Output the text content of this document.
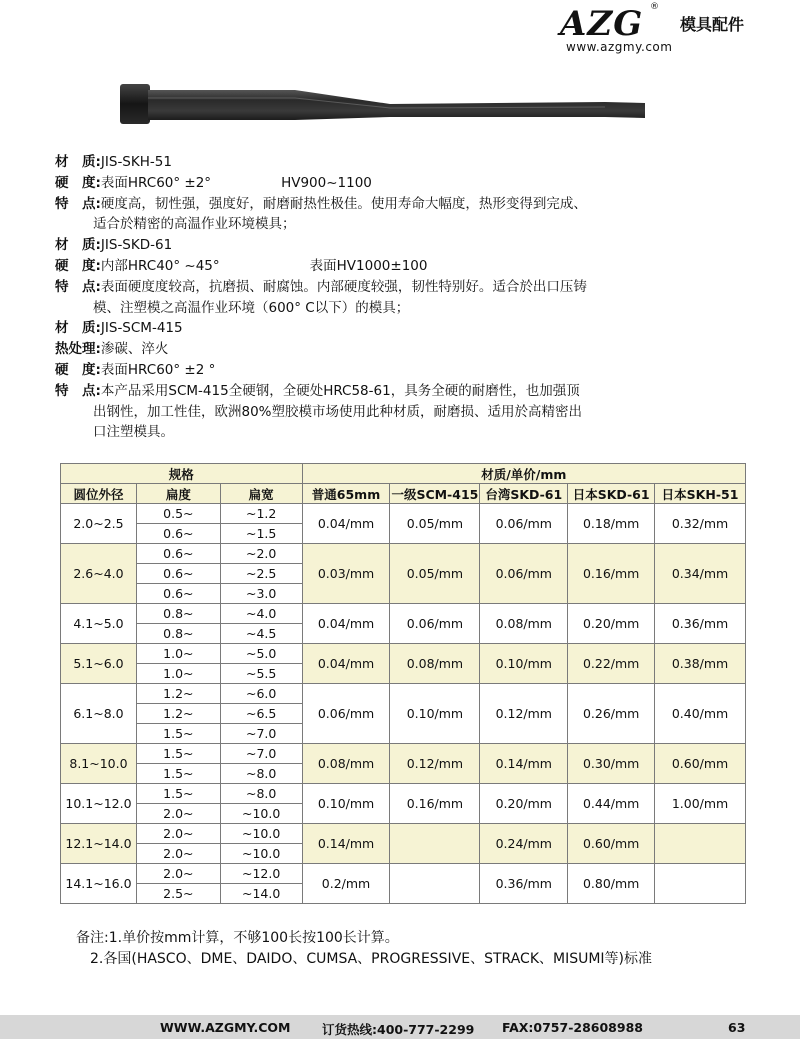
AZG ®
www.azgmy.com
模具配件
材　质:JIS-SKH-51
硬　度:表面HRC60° ±2°	HV900~1100
特　点:硬度高，韧性强，强度好，耐磨耐热性极佳。使用寿命大幅度，热形变得到完成、
适合於精密的高温作业环境模具；
材　质:JIS-SKD-61
硬　度:内部HRC40° ~45°	表面HV1000±100
特　点:表面硬度度较高，抗磨损、耐腐蚀。内部硬度较强，韧性特别好。适合於出口压铸
模、注塑模之高温作业环境（600° C以下）的模具；
材　质:JIS-SCM-415
热处理:渗碳、淬火
硬　度:表面HRC60° ±2 °
特　点:本产品采用SCM-415全硬钢，全硬处HRC58-61，具务全硬的耐磨性，也加强顶
出钢性，加工性佳，欧洲80%塑胶模市场使用此种材质，耐磨损、适用於高精密出
口注塑模具。
规格			材质/单价/mm				
圆位外径	扁度	扁宽	普通65mm	一级SCM-415	台湾SKD-61	日本SKD-61	日本SKH-51
2.0~2.5	0.5~	~1.2	0.04/mm	0.05/mm	0.06/mm	0.18/mm	0.32/mm
	0.6~	~1.5					
2.6~4.0	0.6~	~2.0	0.03/mm	0.05/mm	0.06/mm	0.16/mm	0.34/mm
	0.6~	~2.5					
	0.6~	~3.0					
4.1~5.0	0.8~	~4.0	0.04/mm	0.06/mm	0.08/mm	0.20/mm	0.36/mm
	0.8~	~4.5					
5.1~6.0	1.0~	~5.0	0.04/mm	0.08/mm	0.10/mm	0.22/mm	0.38/mm
	1.0~	~5.5					
6.1~8.0	1.2~	~6.0	0.06/mm	0.10/mm	0.12/mm	0.26/mm	0.40/mm
	1.2~	~6.5					
	1.5~	~7.0					
8.1~10.0	1.5~	~7.0	0.08/mm	0.12/mm	0.14/mm	0.30/mm	0.60/mm
	1.5~	~8.0					
10.1~12.0	1.5~	~8.0	0.10/mm	0.16/mm	0.20/mm	0.44/mm	1.00/mm
	2.0~	~10.0					
12.1~14.0	2.0~	~10.0	0.14/mm		0.24/mm	0.60/mm	
	2.0~	~10.0					
14.1~16.0	2.0~	~12.0	0.2/mm		0.36/mm	0.80/mm	
	2.5~	~14.0					
备注:1.单价按mm计算，不够100长按100长计算。
2.各国(HASCO、DME、DAIDO、CUMSA、PROGRESSIVE、STRACK、MISUMI等)标准
WWW.AZGMY.COM	订货热线:400-777-2299 FAX:0757-28608988	63
